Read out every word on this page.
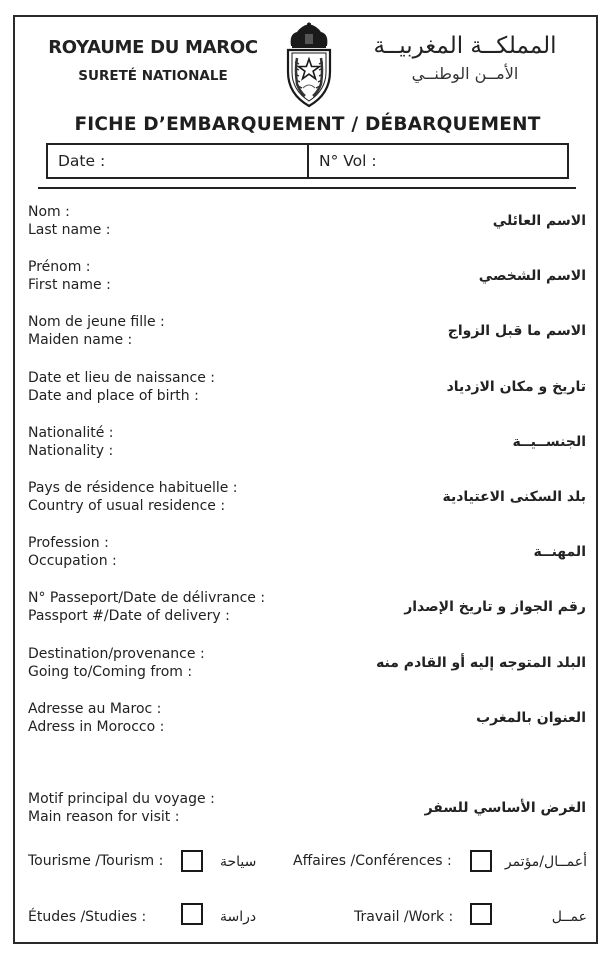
ROYAUME DU MAROC
SURETÉ NATIONALE
المملكــة المغربيــة
الأمــن الوطنــي
FICHE D’EMBARQUEMENT / DÉBARQUEMENT
Date :	N° Vol :
Nom :
Last name :
الاسم العائلي
Prénom :
First name :
الاسم الشخصي
Nom de jeune fille :
Maiden name :
الاسم ما قبل الزواج
Date et lieu de naissance :
Date and place of birth :
تاريخ و مكان الازدياد
Nationalité :
Nationality :
الجنســيــة
Pays de résidence habituelle :
Country of usual residence :
بلد السكنى الاعتيادية
Profession :
Occupation :
المهنــة
N° Passeport/Date de délivrance :
Passport #/Date of delivery :
رقم الجواز و تاريخ الإصدار
Destination/provenance :
Going to/Coming from :
البلد المتوجه إليه أو القادم منه
Adresse au Maroc :
Adress in Morocco :
العنوان بالمغرب
Motif principal du voyage :
Main reason for visit :
الغرض الأساسي للسفر
Tourisme /Tourism :	سياحة	Affaires /Conférences :	أعمــال/مؤتمر
Études /Studies :	دراسة	Travail /Work :	عمــل
